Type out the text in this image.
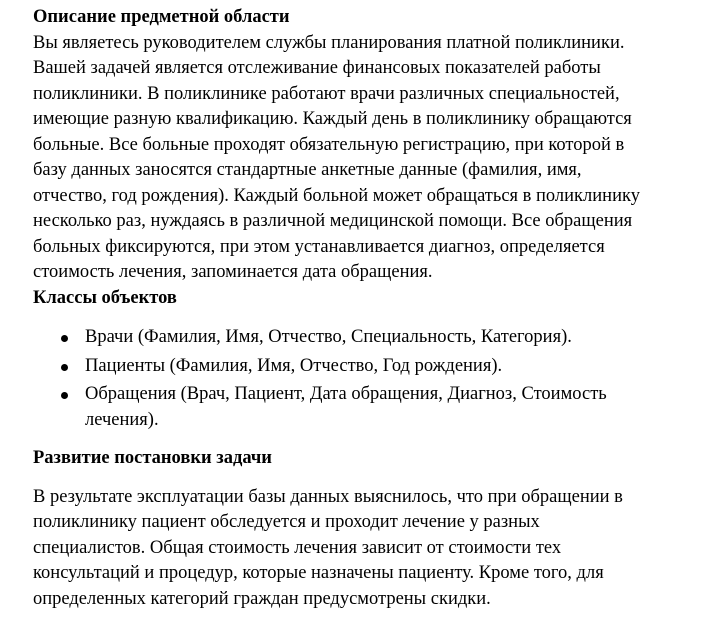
Описание предметной области

Вы являетесь руководителем службы планирования платной поликлиники.
Вашей задачей является отслеживание финансовых показателей работы
поликлиники. В поликлинике работают врачи различных специальностей,
имеющие разную квалификацию. Каждый день в поликлинику обращаются
больные. Все больные проходят обязательную регистрацию, при которой в
базу данных заносятся стандартные анкетные данные (фамилия, имя,
отчество, год рождения). Каждый больной может обращаться в поликлинику
несколько раз, нуждаясь в различной медицинской помощи. Все обращения
больных фиксируются, при этом устанавливается диагноз, определяется
стоимость лечения, запоминается дата обращения.

Классы объектов
Врачи (Фамилия, Имя, Отчество, Специальность, Категория).
Пациенты (Фамилия, Имя, Отчество, Год рождения).
Обращения (Врач, Пациент, Дата обращения, Диагноз, Стоимость
лечения).
Развитие постановки задачи

В результате эксплуатации базы данных выяснилось, что при обращении в
поликлинику пациент обследуется и проходит лечение у разных
специалистов. Общая стоимость лечения зависит от стоимости тех
консультаций и процедур, которые назначены пациенту. Кроме того, для
определенных категорий граждан предусмотрены скидки.
